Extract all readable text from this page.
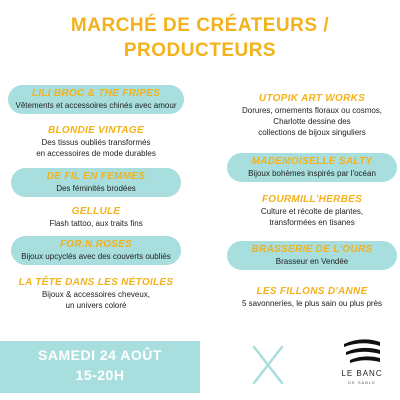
MARCHÉ DE CRÉATEURS /
PRODUCTEURS
LILI BROC & THE FRIPES
Vêtements et accessoires chinés avec amour
BLONDIE VINTAGE
Des tissus oubliés transformés
en accessoires de mode durables
DE FIL EN FEMMES
Des féminités brodées
GELLULE
Flash tattoo, aux traits fins
FOR.N.ROSES
Bijoux upcyclés avec des couverts oubliés
LA TÊTE DANS LES NÉTOILES
Bijoux & accessoires cheveux,
un univers coloré
UTOPIK ART WORKS
Dorures, ornements floraux ou cosmos,
Charlotte dessine des
collections de bijoux singuliers
MADEMOISELLE SALTY
Bijoux bohèmes inspirés par l'océan
FOURMILL'HERBES
Culture et récolte de plantes,
transformées en tisanes
BRASSERIE DE L'OURS
Brasseur en Vendée
LES FILLONS D'ANNE
5 savonneries, le plus sain ou plus près
SAMEDI 24 AOÛT
15-20H	LE BANC
DE SABLE
